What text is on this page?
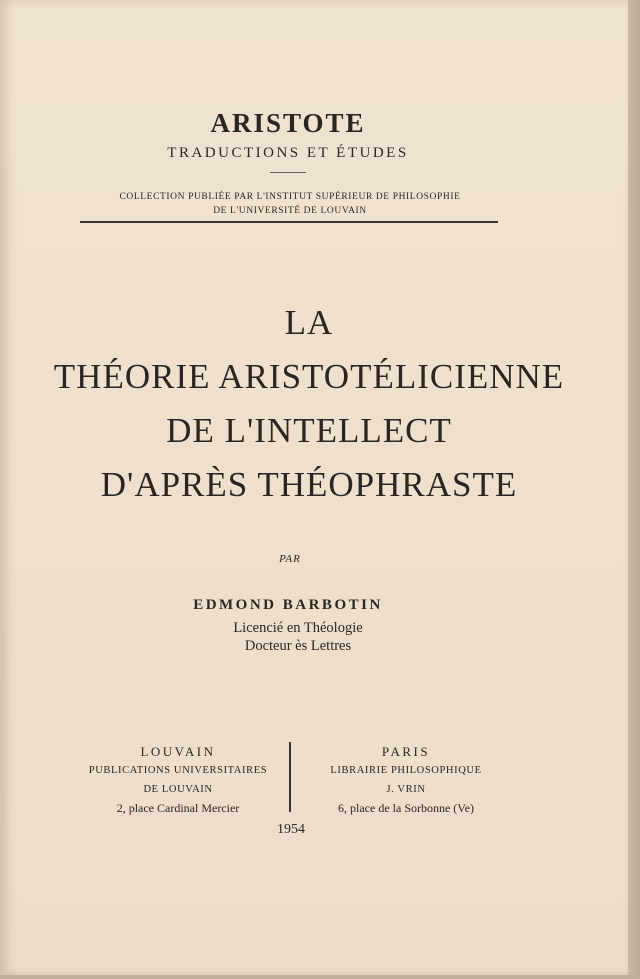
ARISTOTE
TRADUCTIONS ET ÉTUDES
COLLECTION PUBLIÉE PAR L'INSTITUT SUPÉRIEUR DE PHILOSOPHIE
DE L'UNIVERSITÉ DE LOUVAIN
LA
THÉORIE ARISTOTÉLICIENNE
DE L'INTELLECT
D'APRÈS THÉOPHRASTE
PAR
EDMOND BARBOTIN
Licencié en Théologie
Docteur ès Lettres
LOUVAIN
PUBLICATIONS UNIVERSITAIRES
DE LOUVAIN
2, place Cardinal Mercier
PARIS
LIBRAIRIE PHILOSOPHIQUE
J. VRIN
6, place de la Sorbonne (Ve)
1954
